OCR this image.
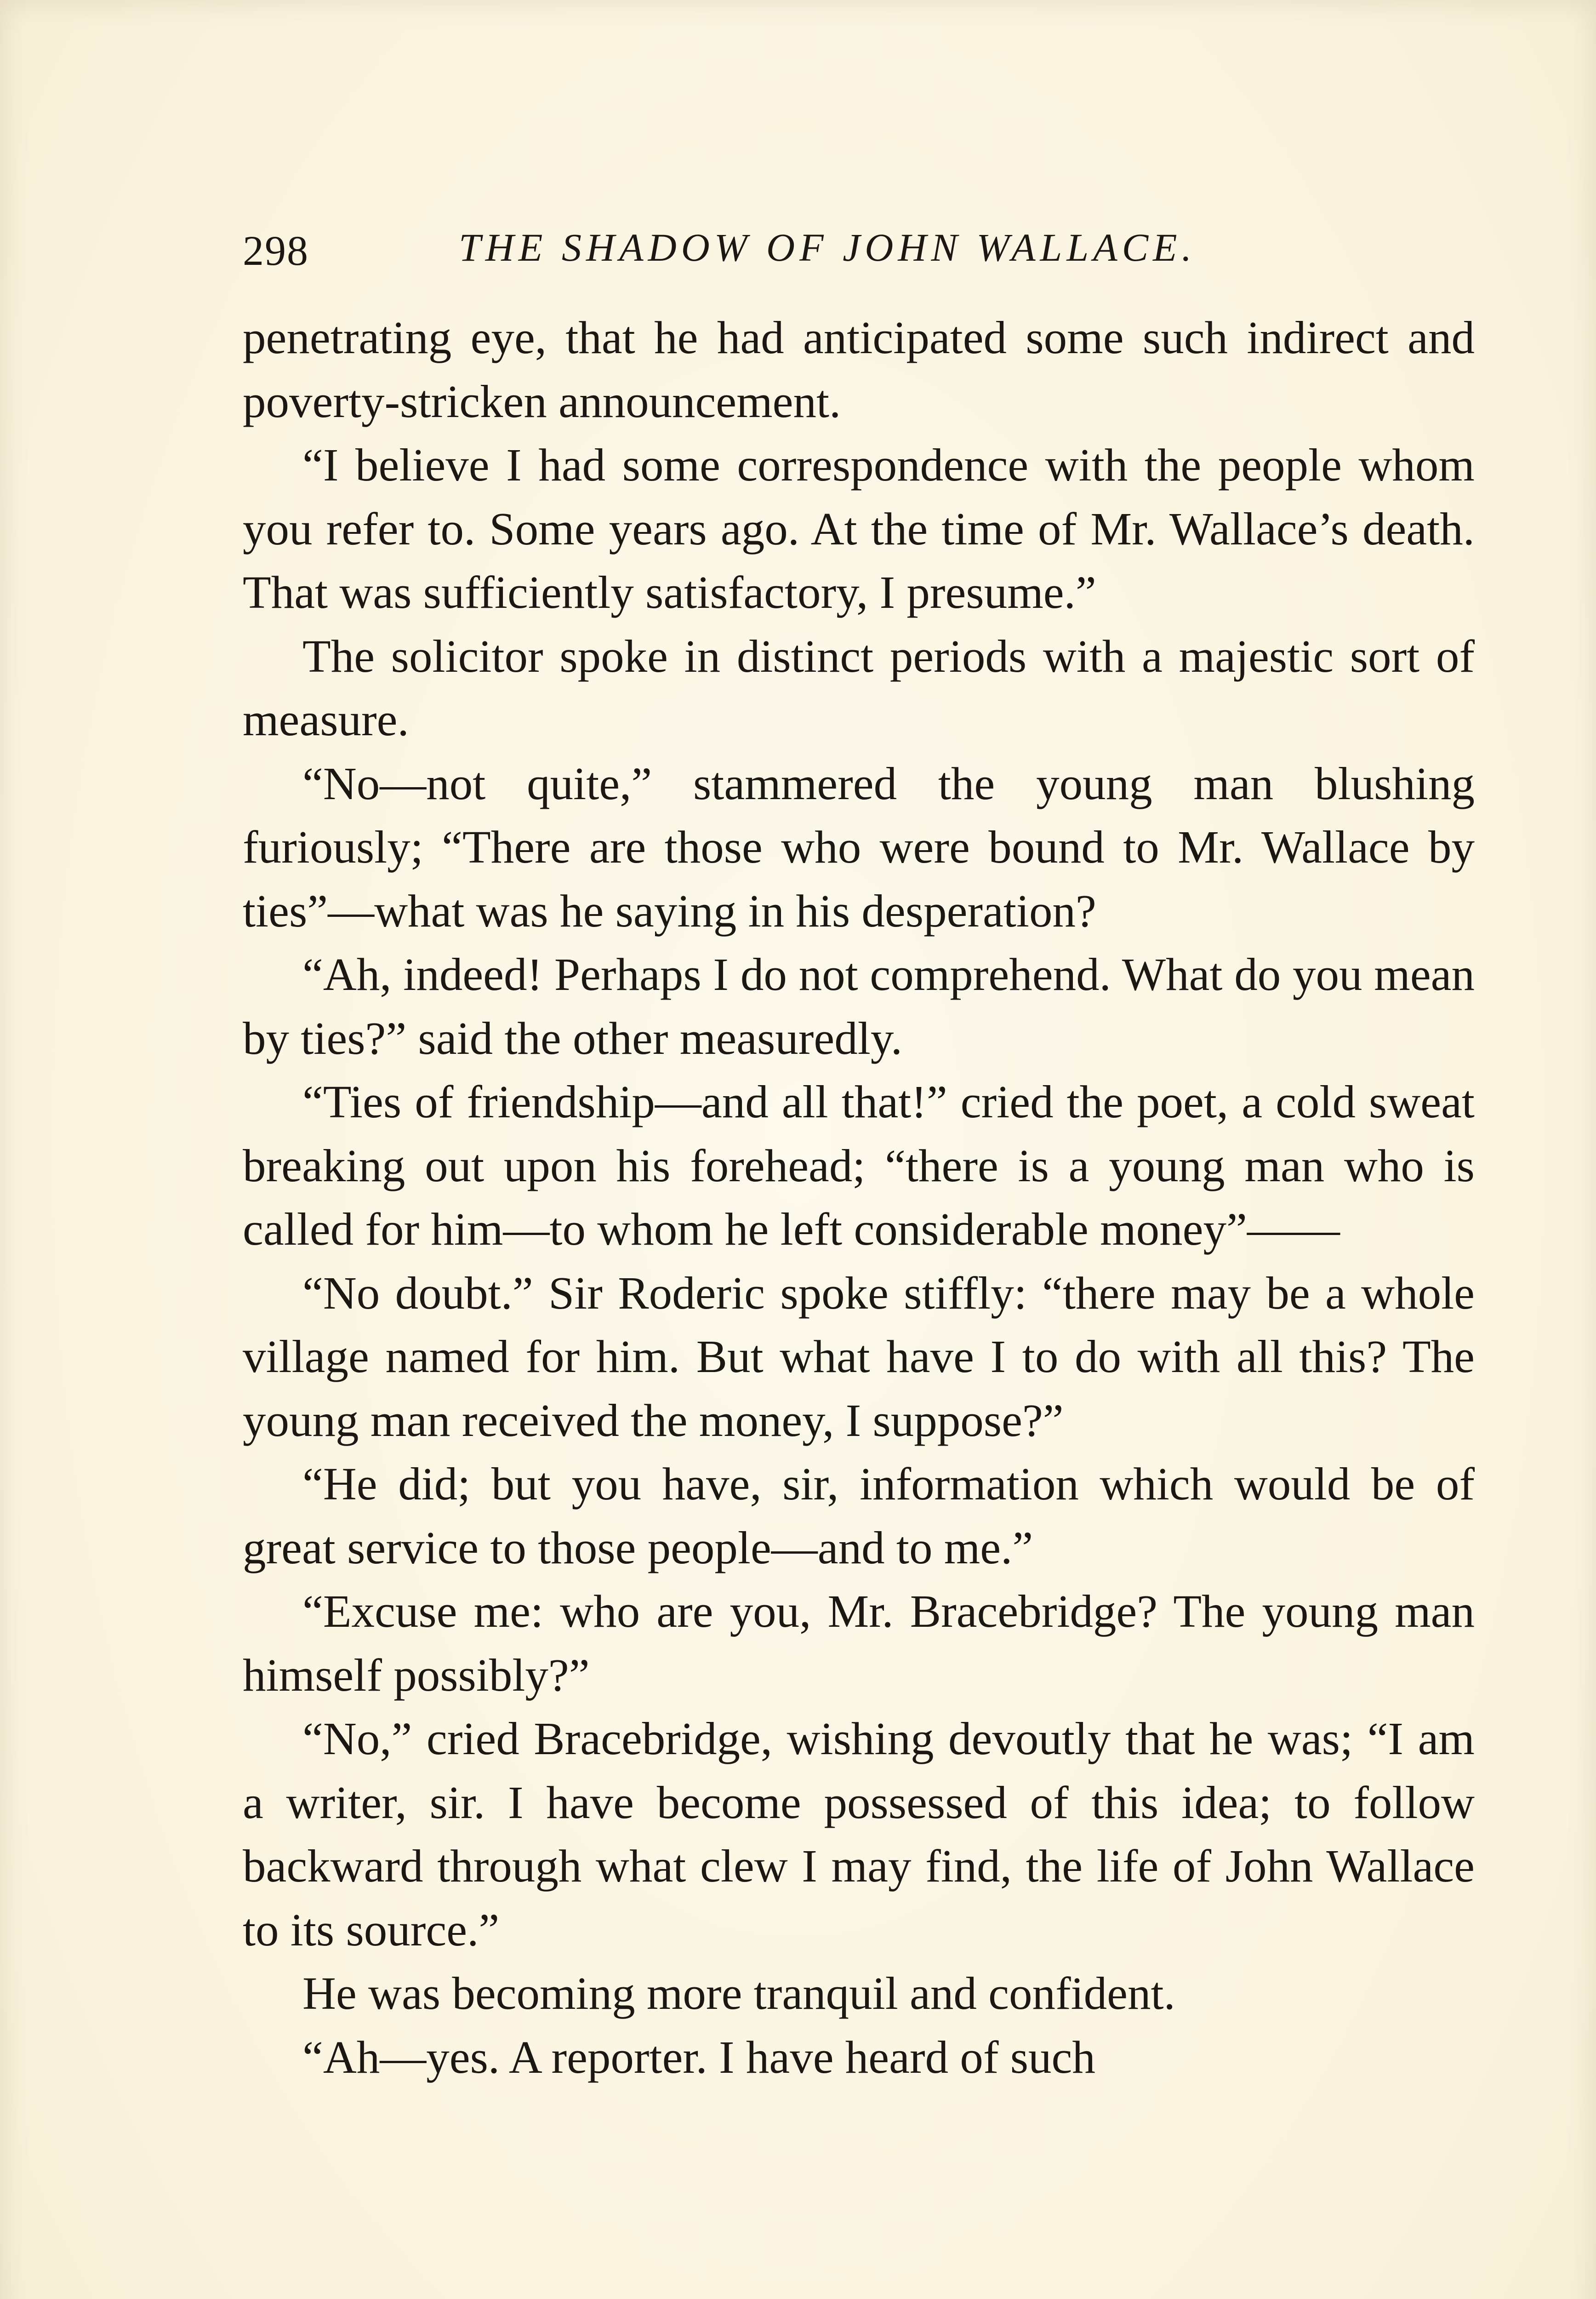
298	THE SHADOW OF JOHN WALLACE.

penetrating eye, that he had anticipated some such indirect and poverty-stricken announcement.

“I believe I had some correspondence with the people whom you refer to. Some years ago. At the time of Mr. Wallace’s death. That was sufficiently satisfactory, I presume.”

The solicitor spoke in distinct periods with a majestic sort of measure.

“No—not quite,” stammered the young man blushing furiously; “There are those who were bound to Mr. Wallace by ties”—what was he saying in his desperation?

“Ah, indeed! Perhaps I do not comprehend. What do you mean by ties?” said the other measuredly.

“Ties of friendship—and all that!” cried the poet, a cold sweat breaking out upon his forehead; “there is a young man who is called for him—to whom he left considerable money”——

“No doubt.” Sir Roderic spoke stiffly: “there may be a whole village named for him. But what have I to do with all this? The young man received the money, I suppose?”

“He did; but you have, sir, information which would be of great service to those people—and to me.”

“Excuse me: who are you, Mr. Bracebridge? The young man himself possibly?”

“No,” cried Bracebridge, wishing devoutly that he was; “I am a writer, sir. I have become possessed of this idea; to follow backward through what clew I may find, the life of John Wallace to its source.”

He was becoming more tranquil and confident.

“Ah—yes. A reporter. I have heard of such
